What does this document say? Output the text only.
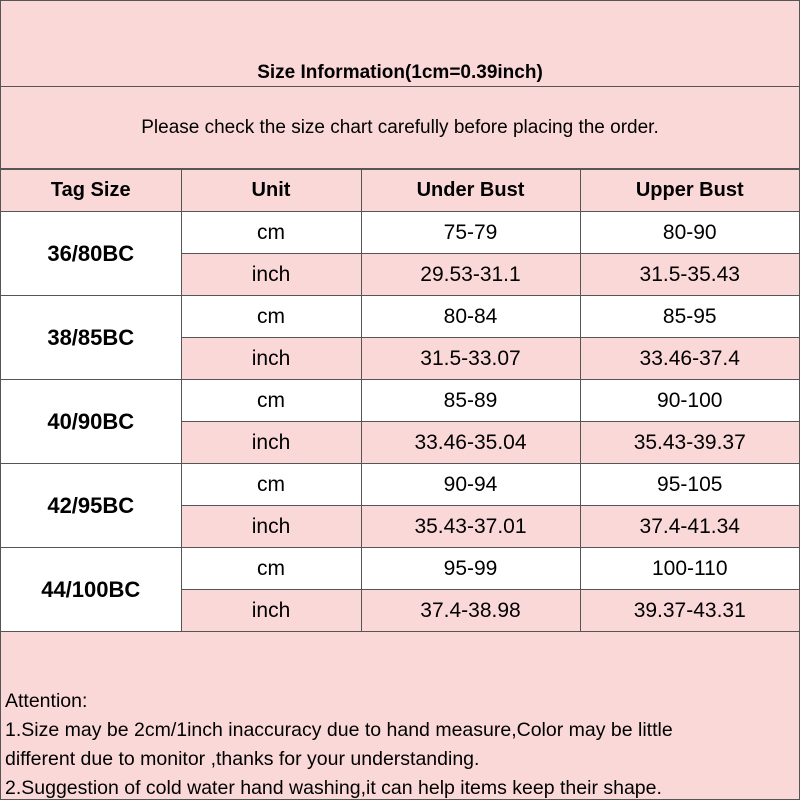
Size Information(1cm=0.39inch)
Please check the size chart carefully before placing the order.
Tag Size	Unit	Under Bust	Upper Bust
36/80BC	cm	75-79	80-90
	inch	29.53-31.1	31.5-35.43
38/85BC	cm	80-84	85-95
	inch	31.5-33.07	33.46-37.4
40/90BC	cm	85-89	90-100
	inch	33.46-35.04	35.43-39.37
42/95BC	cm	90-94	95-105
	inch	35.43-37.01	37.4-41.34
44/100BC	cm	95-99	100-110
	inch	37.4-38.98	39.37-43.31

Attention:

1.Size may be 2cm/1inch inaccuracy due to hand measure,Color may be little

different due to monitor ,thanks for your understanding.

2.Suggestion of cold water hand washing,it can help items keep their shape.
